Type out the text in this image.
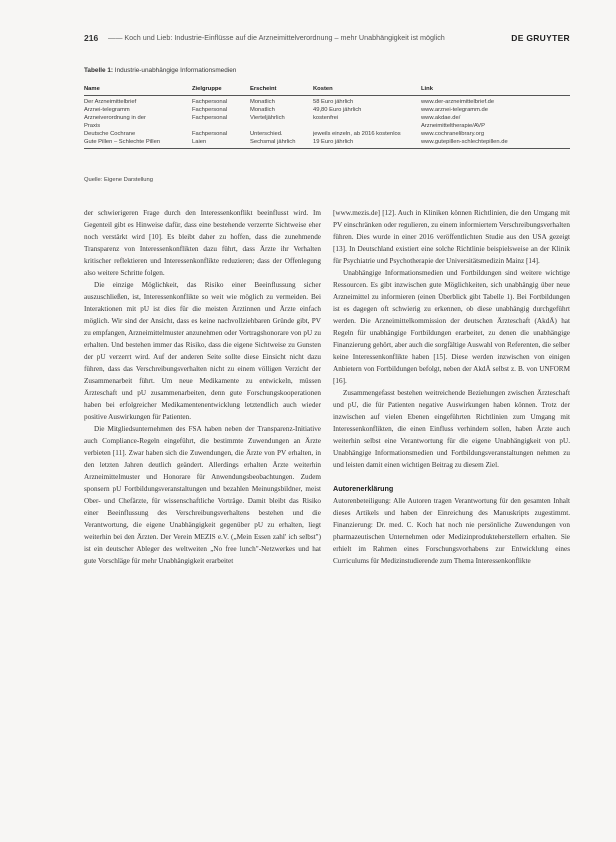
216 —— Koch und Lieb: Industrie-Einflüsse auf die Arzneimittelverordnung – mehr Unabhängigkeit ist möglich	DE GRUYTER
Tabelle 1: Industrie-unabhängige Informationsmedien
Name	Zielgruppe	Erscheint	Kosten	Link
Der Arzneimittelbrief	Fachpersonal	Monatlich	58 Euro jährlich	www.der-arzneimittelbrief.de
Arznei-telegramm	Fachpersonal	Monatlich	49,80 Euro jährlich	www.arznei-telegramm.de
Arzneiverordnung in der	Fachpersonal	Vierteljährlich	kostenfrei	www.akdae.de/
Praxis				Arzneimitteltherapie/AVP
Deutsche Cochrane	Fachpersonal	Unterschied.	jeweils einzeln, ab 2016 kostenlos	www.cochranelibrary.org
Gute Pillen – Schlechte Pillen	Laien	Sechsmal jährlich	19 Euro jährlich	www.gutepillen-schlechtepillen.de
Quelle: Eigene Darstellung

der schwierigeren Frage durch den Interessenkonflikt beeinflusst wird. Im Gegenteil gibt es Hinweise dafür, dass eine bestehende verzerrte Sichtweise eher noch verstärkt wird [10]. Es bleibt daher zu hoffen, dass die zunehmende Transparenz von Interessenkonflikten dazu führt, dass Ärzte ihr Verhalten kritischer reflektieren und Interessenkonflikte reduzieren; dass der Offenlegung also weitere Schritte folgen.

Die einzige Möglichkeit, das Risiko einer Beeinflussung sicher auszuschließen, ist, Interessenkonflikte so weit wie möglich zu vermeiden. Bei Interaktionen mit pU ist dies für die meisten Ärztinnen und Ärzte einfach möglich. Wir sind der Ansicht, dass es keine nachvollziehbaren Gründe gibt, PV zu empfangen, Arzneimittelmuster anzunehmen oder Vortragshonorare von pU zu erhalten. Und bestehen immer das Risiko, dass die eigene Sichtweise zu Gunsten der pU verzerrt wird. Auf der anderen Seite sollte diese Einsicht nicht dazu führen, dass das Verschreibungsverhalten nicht zu einem völligen Verzicht der Zusammenarbeit führt. Um neue Medikamente zu entwickeln, müssen Ärzteschaft und pU zusammenarbeiten, denn gute Forschungskooperationen haben bei erfolgreicher Medikamentenentwicklung letztendlich auch wieder positive Auswirkungen für Patienten.

Die Mitgliedsunternehmen des FSA haben neben der Transparenz-Initiative auch Compliance-Regeln eingeführt, die bestimmte Zuwendungen an Ärzte verbieten [11]. Zwar haben sich die Zuwendungen, die Ärzte von PV erhalten, in den letzten Jahren deutlich geändert. Allerdings erhalten Ärzte weiterhin Arzneimittelmuster und Honorare für Anwendungsbeobachtungen. Zudem sponsern pU Fortbildungsveranstaltungen und bezahlen Meinungsbildner, meist Ober- und Chefärzte, für wissenschaftliche Vorträge. Damit bleibt das Risiko einer Beeinflussung des Verschreibungsverhaltens bestehen und die Verantwortung, die eigene Unabhängigkeit gegenüber pU zu erhalten, liegt weiterhin bei den Ärzten. Der Verein MEZIS e.V. („Mein Essen zahl' ich selbst") ist ein deutscher Ableger des weltweiten „No free lunch"-Netzwerkes und hat gute Vorschläge für mehr Unabhängigkeit erarbeitet

[www.mezis.de] [12]. Auch in Kliniken können Richtlinien, die den Umgang mit PV einschränken oder regulieren, zu einem informiertem Verschreibungsverhalten führen. Dies wurde in einer 2016 veröffentlichten Studie aus den USA gezeigt [13]. In Deutschland existiert eine solche Richtlinie beispielsweise an der Klinik für Psychiatrie und Psychotherapie der Universitätsmedizin Mainz [14].

Unabhängige Informationsmedien und Fortbildungen sind weitere wichtige Ressourcen. Es gibt inzwischen gute Möglichkeiten, sich unabhängig über neue Arzneimittel zu informieren (einen Überblick gibt Tabelle 1). Bei Fortbildungen ist es dagegen oft schwierig zu erkennen, ob diese unabhängig durchgeführt werden. Die Arzneimittelkommission der deutschen Ärzteschaft (AkdÄ) hat Regeln für unabhängige Fortbildungen erarbeitet, zu denen die unabhängige Finanzierung gehört, aber auch die sorgfältige Auswahl von Referenten, die selber keine Interessenkonflikte haben [15]. Diese werden inzwischen von einigen Anbietern von Fortbildungen befolgt, neben der AkdÄ selbst z. B. von UNFORM [16].

Zusammengefasst bestehen weitreichende Beziehungen zwischen Ärzteschaft und pU, die für Patienten negative Auswirkungen haben können. Trotz der inzwischen auf vielen Ebenen eingeführten Richtlinien zum Umgang mit Interessenkonflikten, die einen Einfluss verhindern sollen, haben Ärzte auch weiterhin selbst eine Verantwortung für die eigene Unabhängigkeit von pU. Unabhängige Informationsmedien und Fortbildungsveranstaltungen nehmen zu und leisten damit einen wichtigen Beitrag zu diesem Ziel.

Autorenerklärung

Autorenbeteiligung: Alle Autoren tragen Verantwortung für den gesamten Inhalt dieses Artikels und haben der Einreichung des Manuskripts zugestimmt. Finanzierung: Dr. med. C. Koch hat noch nie persönliche Zuwendungen von pharmazeutischen Unternehmen oder Medizinprodukteherstellern erhalten. Sie erhielt im Rahmen eines Forschungsvorhabens zur Entwicklung eines Curriculums für Medizinstudierende zum Thema Interessenkonflikte
